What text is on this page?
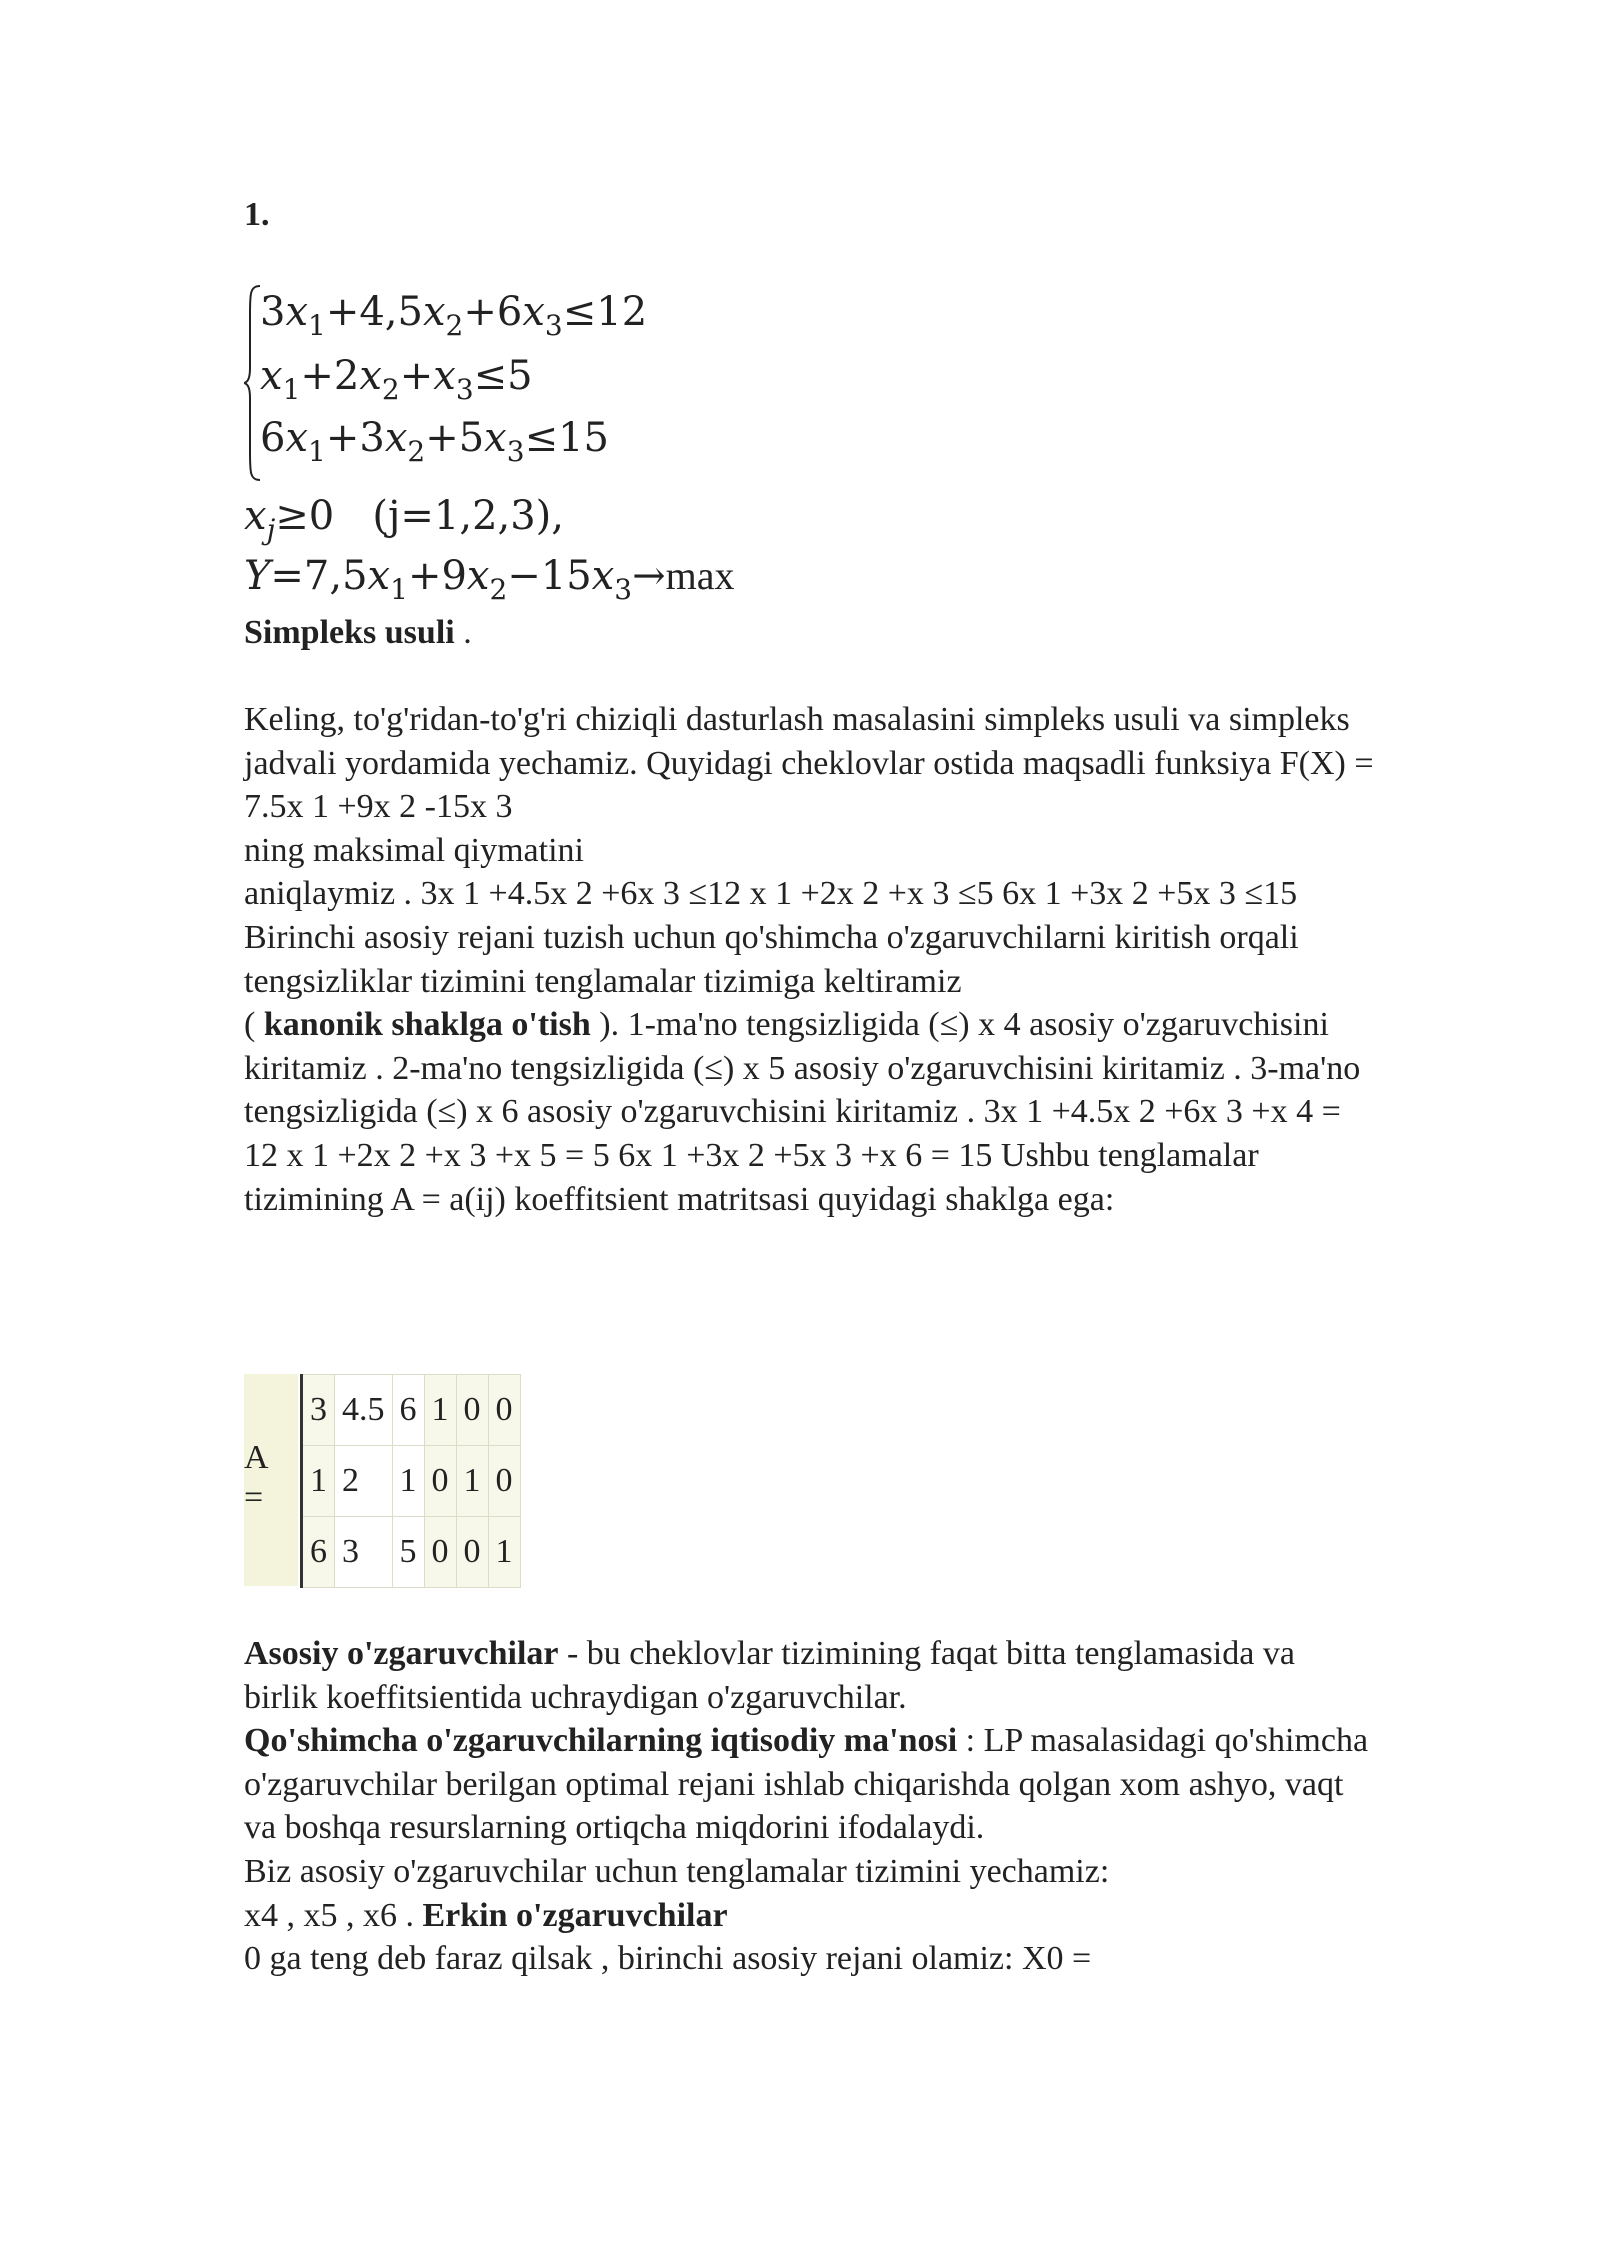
1.

$3x_1+4,5x_2+6x_3\le 12$
$x_1+2x_2+x_3\le 5$
$6x_1+3x_2+5x_3\le 15$
$x_j\ge 0$ (j=1,2,3),
$Y=7,5x_1+9x_2-15x_3\to\max$

Simpleks usuli .

Keling, to'g'ridan-to'g'ri chiziqli dasturlash masalasini simpleks usuli va simpleks jadvali yordamida yechamiz. Quyidagi cheklovlar ostida maqsadli funksiya F(X) = 7.5x 1 +9x 2 -15x 3
ning maksimal qiymatini
aniqlaymiz . 3x 1 +4.5x 2 +6x 3 ≤12 x 1 +2x 2 +x 3 ≤5 6x 1 +3x 2 +5x 3 ≤15 Birinchi asosiy rejani tuzish uchun qo'shimcha o'zgaruvchilarni kiritish orqali tengsizliklar tizimini tenglamalar tizimiga keltiramiz
( kanonik shaklga o'tish ). 1-ma'no tengsizligida (≤) x 4 asosiy o'zgaruvchisini kiritamiz . 2-ma'no tengsizligida (≤) x 5 asosiy o'zgaruvchisini kiritamiz . 3-ma'no tengsizligida (≤) x 6 asosiy o'zgaruvchisini kiritamiz . 3x 1 +4.5x 2 +6x 3 +x 4 =
12 x 1 +2x 2 +x 3 +x 5 = 5 6x 1 +3x 2 +5x 3 +x 6 = 15 Ushbu tenglamalar tizimining A = a(ij) koeffitsient matritsasi quyidagi shaklga ega:

A =
3	4.5	6	1	0	0
1	2	1	0	1	0
6	3	5	0	0	1

Asosiy o'zgaruvchilar - bu cheklovlar tizimining faqat bitta tenglamasida va birlik koeffitsientida uchraydigan o'zgaruvchilar.
Qo'shimcha o'zgaruvchilarning iqtisodiy ma'nosi : LP masalasidagi qo'shimcha o'zgaruvchilar berilgan optimal rejani ishlab chiqarishda qolgan xom ashyo, vaqt va boshqa resurslarning ortiqcha miqdorini ifodalaydi.
Biz asosiy o'zgaruvchilar uchun tenglamalar tizimini yechamiz:
x4 , x5 , x6 . Erkin o'zgaruvchilar
0 ga teng deb faraz qilsak , birinchi asosiy rejani olamiz: X0 =
